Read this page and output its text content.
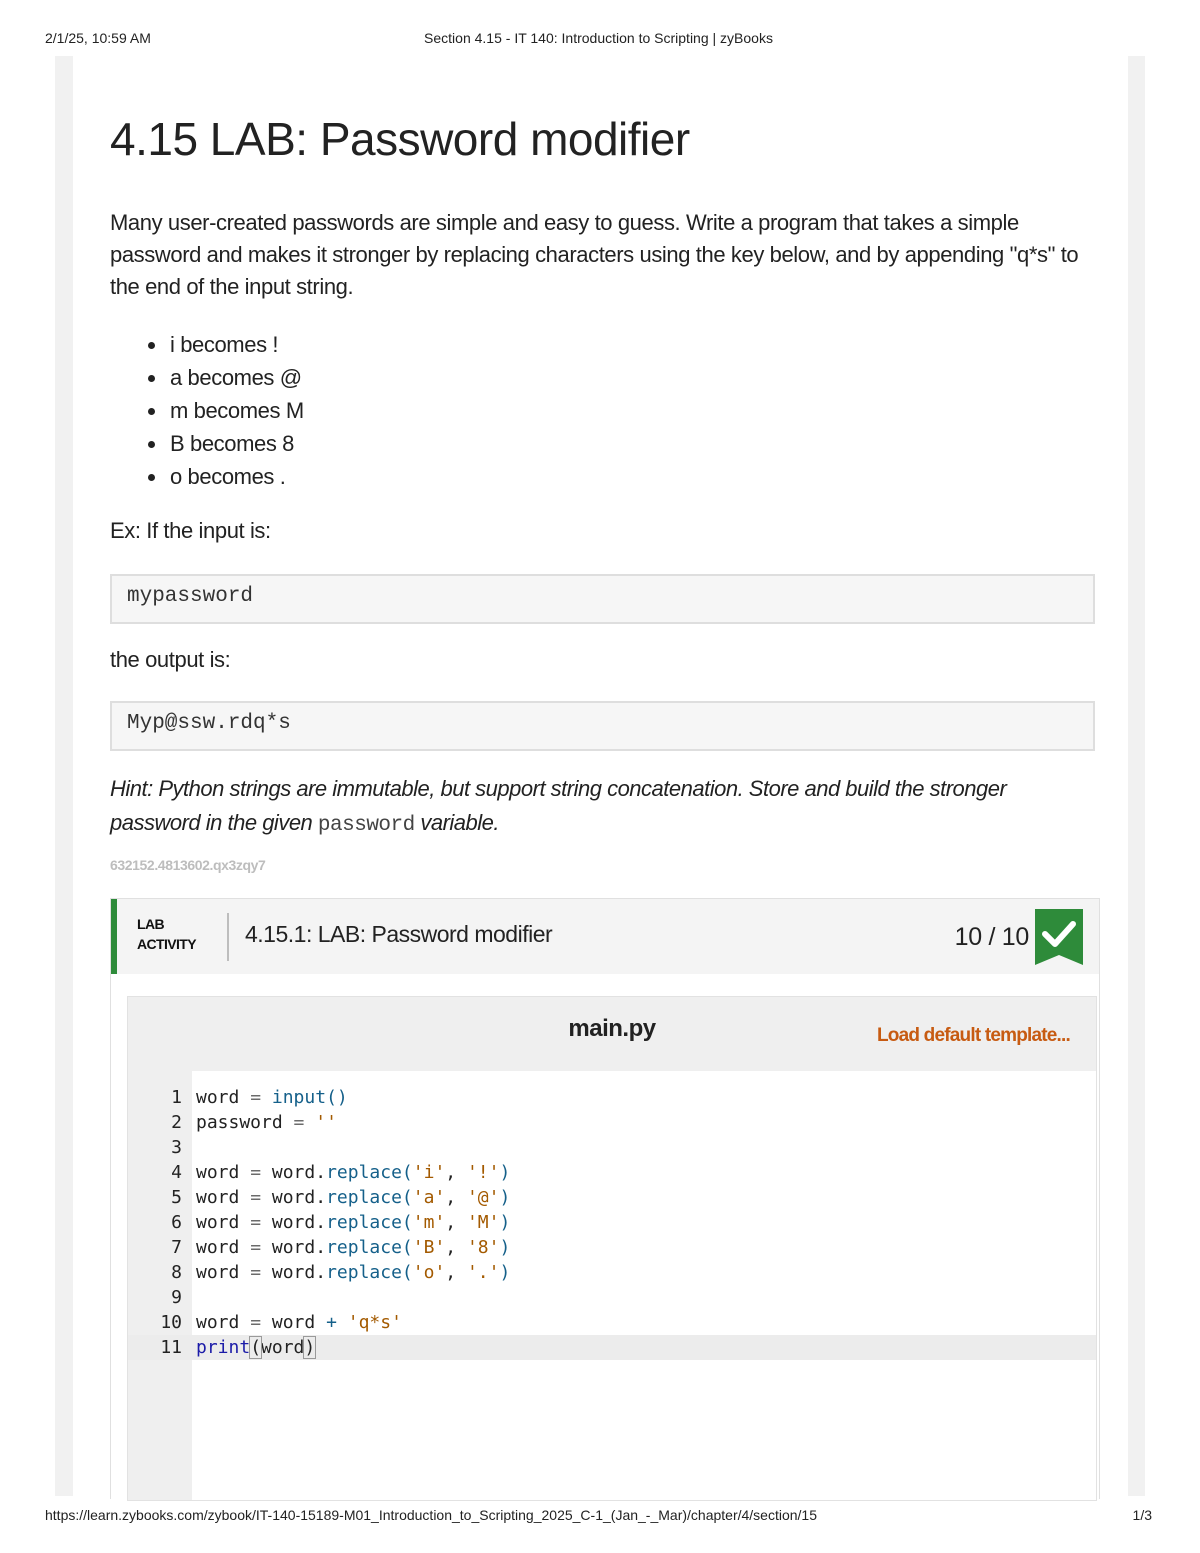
2/1/25, 10:59 AM	Section 4.15 - IT 140: Introduction to Scripting | zyBooks
4.15 LAB: Password modifier

Many user-created passwords are simple and easy to guess. Write a program that takes a simple password and makes it stronger by replacing characters using the key below, and by appending "q*s" to the end of the input string.

• i becomes !
• a becomes @
• m becomes M
• B becomes 8
• o becomes .
Ex: If the input is:
mypassword
the output is:
Myp@ssw.rdq*s

Hint: Python strings are immutable, but support string concatenation. Store and build the stronger password in the given password variable.

632152.4813602.qx3zqy7
LAB
ACTIVITY 4.15.1: LAB: Password modifier	10 / 10
main.py	Load default template...
1 word = input()
2 password = ''
3
4 word = word.replace('i', '!')
5 word = word.replace('a', '@')
6 word = word.replace('m', 'M')
7 word = word.replace('B', '8')
8 word = word.replace('o', '.')
9
10 word = word + 'q*s'
11 print(word)
https://learn.zybooks.com/zybook/IT-140-15189-M01_Introduction_to_Scripting_2025_C-1_(Jan_-_Mar)/chapter/4/section/15	1/3
